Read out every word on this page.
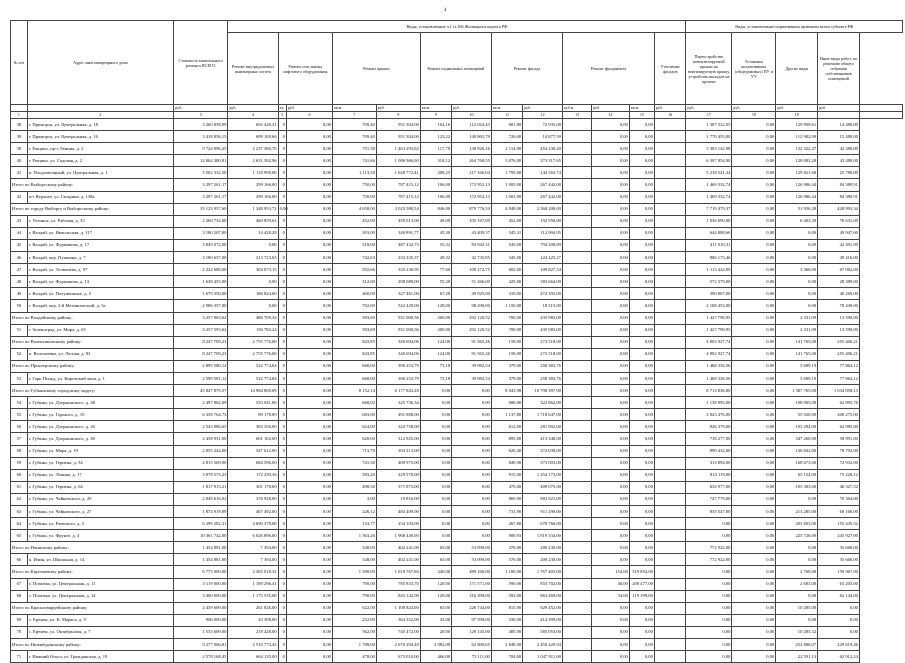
4
№ п/п	Адрес многоквартирного дома	Стоимость капитального ремонта ВСЕГО	Виды, установленные ч.1 ст.166 Жилищного кодекса РФ													Виды, установленные нормативным правовым актом субъекта РФ				
			Ремонт внутридомовых инженерных систем	Ремонт или замена лифтового оборудования		Ремонт крыши		Ремонт подвальных помещений		Ремонт фасада		Ремонт фундамента			Утепление фасадов	Переустройство невентилируемой крыши на вентилируемую крышу, устройство выходов на кровлю	Установка коллективных (общедомовых) ПУ и УУ	Другие виды	Иные виды работ, по решению общего собрания собственников помещений	
		руб.	руб.	ед.	руб.	кв.м.	руб.	кв.м.	руб.	кв.м.	руб.	куб.м.	руб.	кв.м.	руб.	руб.	руб.	руб.	руб.	
1	2	3	4	5	6	7	8	9	10	11	12	13	14	15	16	17	18	19		
38	г. Приморск, ул. Центральная, д. 18	3 260 858,99	692 428,31	0	0,00	709,40	951 304,00	104,16	112 024,43	681,80	72 935,00		0,00	0,00		1 387 522,05	0,00	129 999,61	14 480,00	
39	г. Приморск, ул. Центральная, д. 16	3 418 856,15	699 109,66	0	0,00	709,40	951 304,00	123,22	140 865,79	726,00	14 877,50		0,00	0,00		1 770 455,00	0,00	112 982,90	15 480,00	
39	г. Рощино, пр-т Ленина, д. 2	9 724 996,25	2 237 300,70	0	0,00	751,38	1 463 293,02	117,70	138 926,16	2 114,00	454 230,20		0,00	0,00		5 303 142,98	0,00	132 322,47	42 380,00	
40	г. Рощино, ул. Садовая, д. 2	12 062 380,81	2 651 392,96	0	0,00	741,66	1 086 966,00	318,12	264 768,55	3 076,00	373 317,65		0,00	0,00		6 307 854,90	0,00	128 083,28	43 480,00	
41	п. Плодоовощный, ул. Центральная, д. 1	5 502 332,50	1 118 990,00	0	0,00	1 113,50	1 628 772,41	208,25	217 166,04	1 795,00	144 563,74		0,00	0,00		5 218 541,34	0,00	129 821,68	25 780,00	
Итого по Выборгскому району:		3 297 261,17	299 166,00	0	0,00	750,00	787 415,12	106,00	172 952,13	1 003,90	267 442,00		0,00	0,00		1 469 332,74	0,00	126 986,44	84 389,91	
42	п/т Верхнее, ул. Гагарина, д. 138а	3 297 261,17	299 166,00	0	0,00	750,00	787 415,12	106,00	172 952,13	1 003,90	267 442,00		0,00	0,00		1 469 332,74	0,00	126 986,44	84 389,91	
Итого по городу Выборгу и Выборгскому району:		35 123 957,60	1 348 953,72	0,00	0,00	4 658,00	3 023 580,54	846,00	879 776,54	4 848,00	2 568 208,69		0,00	0,00		7 719 479,37	0,00	51 956,28	428 993,34	
43	г. Ухтинск, ул. Рабочая, д. 33	2 260 732,00	460 859,61	0	0,00	452,00	459 013,00	49,00	105 167,00	452,00	192 950,00		0,00	0,00		1 036 690,00	0,00	6 403,39	76 631,00	
44	г. Валдай, ул. Никольская, д. 117	3 180 207,00	14 428,28	0	0,00	303,00	340 891,77	45,30	43 409,37	345,31	112 904,95		0,00	0,00		644 888,66	0,00	0,00	49 947,60	
45	г. Валдай, ул. Фурманова, д. 17	3 849 072,00	0,00	0	0,00	518,00	487 432,73	55,32	83 942,31	545,00	794 208,69		0,00	0,00		411 010,31	0,00	0,00	42 491,00	
46	г. Валдай, пер. Пушкина, д. 7	3 180 657,00	213 723,65	0	0,00	742,63	233 235,37	49,32	42 735,85	345,00	124 425,27		0,00	0,00		806 173,46	0,00	0,00	49 416,00	
47	г. Валдай, ул. Толмачева, д. 97	2 222 688,00	304 073,15	0	0,00	592,66	335 230,95	77,60	109 272,75	602,00	109 827,54		0,00	0,00		1 113 424,99	0,00	3 366,00	67 062,00	
48	г. Валдай, ул. Фурманова, д. 13	1 638 455,00	0,00	0	0,00	312,00	298 089,00	55,20	51 266,00	425,00	383 664,00		0,00	0,00		572 379,00	0,00	0,00	28 389,00	
49	г. Валдай, ул. Полушкиных, д. 5	1 679 350,00	186 824,00	0	0,00	460,00	327 461,00	67,28	49 925,00	310,00	474 392,00		0,00	0,00		390 807,00	0,00	0,00	40 269,00	
50	г. Валдай, пер. 2-й Механический, д. 5а	2 986 357,00	0,00	0	0,00	702,00	522 429,00	128,00	98 290,00	1 150,00	18 515,00		0,00	0,00		2 108 453,00	0,00	0,00	78 449,00	
Итого по Валдайскому району:		3 257 863,62	486 709,34	0	0,00	583,69	931 000,56	200,00	292 120,52	700,00	435 983,00		0,00	0,00		1 427 798,95	0,00	2 331,09	13 590,00	
51	г. Зеленоград, ул. Мира, д. 65	3 257 593,62	156 783,24	0	0,00	583,69	931 000,56	200,00	292 120,52	700,00	435 983,00		0,00	0,00		1 427 798,95	0,00	2 331,09	13 590,00	
Итого по Валентиновскому району:		8 247 709,23	2 755 776,00	0	0,00	843,85	340 694,06	124,00	91 565,26	158,00	273 518,00		0,00	0,00		4 802 927,74	0,00	141 765,00	255 406,21	
52	п. Волочаевка, ул. Лесная, д. 83	8 247 709,23	2 755 776,00	0	0,00	843,85	340 694,06	124,00	91 565,26	158,00	273 518,00		0,00	0,00		4 802 927,74	0,00	141 765,00	255 406,21	
Итого по Приозерскому району:		2 899 580,12	522 774,84	0	0,00	668,00	396 253,79	75,18	39 982,54	379,00	258 383,76		0,00	0,00		1 468 336,56	0,00	5 689,19	77 864,12	
53	г. Гарь-Пильд, ул. Кировский хвоя, д. 1	2 599 581,12	522 774,84	0	0,00	668,00	396 253,79	75,18	39 982,54	379,00	258 383,76		0,00	0,00		1 468 336,56	0,00	5 689,19	77 864,12	
Итого по Губкинскому городскому округу:		45 847 879,57	14 984 800,09	0	0,00	8 152,14	6 177 843,28	0,00	0,00	8 043,98	10 798 397,90		0,00	0,00		8 713 836,00	0,00	1 387 765,00	1 034 858,13	
54	г. Губкин, ул. Дзержинского, д. 48	2 497 862,09	533 041,86	0	0,00	668,02	325 736,34	0,00	0,00	680,00	322 862,00		0,00	0,00		1 138 995,00	0,00	108 905,00	62 895,76	
55	г. Губкин, ул. Горького, д. 10	6 358 764,73	89 178,89	0	0,00	683,00	491 888,00	0,00	0,00	1 137,80	1 718 647,00		0,00	0,00		3 823 476,00	0,00	55 920,00	200 275,00	
56	г. Губкин, ул. Дзержинского, д. 26	2 543 086,65	383 356,00	0	0,00	624,00	324 758,00	0,00	0,00	612,00	281 902,00		0,00	0,00		826 379,00	0,00	103 294,00	62 985,00	
57	г. Губкин, ул. Дзержинского, д. 49	2 458 931,00	601 102,00	0	0,00	620,00	312 925,00	0,00	0,00	895,00	413 348,00		0,00	0,00		718 277,00	0,00	347 260,00	58 991,00	
58	г. Губкин, ул. Мира, д. 19	2 855 244,00	547 612,00	0	0,00	713,70	394 213,00	0,00	0,00	620,40	372 039,00		0,00	0,00		890 432,00	0,00	136 842,00	78 792,00	
59	г. Губкин, ул. Гериена, д. 34	2 815 569,00	684 596,00	0	0,00	741,30	409 973,00	0,00	0,00	849,90	373 003,00		0,00	0,00		313 894,00	0,00	168 673,00	72 932,00	
60	г. Губкин, ул. Ленина, д. 17	3 878 573,23	172 239,36	0	0,00	583,20	229 570,00	0,00	0,00	915,00	1 254 173,00		0,00	0,00		814 119,00	0,00	65 154,00	75 228,12	
61	г. Губкин, ул. Гериена, д. 64	1 817 913,21	301 178,60	0	0,00	498,30	371 873,00	0,00	0,00	470,00	409 075,00		0,00	0,00		633 977,00	0,00	105 383,00	46 327,52	
62	г. Губкин, ул. Чайковского, д. 29	2 849 616,02	376 928,00	0	0,00	3,00	19 816,00	0,00	0,00	869,90	883 821,00		0,00	0,00		747 779,00	0,00	0,00	70 364,00	
63	г. Губкин, ул. Чайковского, д. 27	1 874 919,09	467 492,00	0	0,00	226,12	484 409,00	0,00	0,00	731,90	911 290,00		0,00	0,00		835 547,00	0,00	213 285,00	60 168,00	
64	г. Губкин, ул. Раевского, д. 3	6 299 282,31	4 690 378,00	0	0,00	133,77	234 103,00	0,00	0,00	267,80	678 766,00		0,00	0,00		0,00	0,00	203 603,00	155 435,52	
65	г. Губкин, ул. Фрунзе, д. 4	10 361 742,00	6 026 896,00	0	0,00	1 363,26	1 968 449,00	0,00	0,00	900,93	1 819 334,00		0,00	0,00		0,00	0,00	225 726,00	245 927,00	
Итого по Ичинскому району:		1 454 881,00	7 394,00	0	0,00	348,00	402 241,00	65,00	53 090,00	376,00	200 230,00		0,00	0,00		772 922,00	0,00	0,00	35 668,00	
66	п. Ичин, ул. Школьная, д. 14	1 454 881,00	7 394,00	0	0,00	348,00	402 241,00	65,00	53 090,00	376,00	200 230,00		0,00	0,00		772 922,00	0,00	0,00	35 668,00	
Итого по Кирочаевому району:		6 775 000,00	2 365 018,32	0	0,00	1 580,00	1 618 767,60	240,00	489 160,00	1 180,00	1 767 403,00		154,00	319 854,00		0,00	0,00	2 760,00	159 967,00	
67	с. Поповка, ул. Центральная, д. 11	3 119 000,00	1 189 296,41	0	0,00	790,00	785 833,70	120,00	171 571,00	590,00	853 702,00		40,00	200 477,00		0,00	0,00	2 683,00	63 203,00	
68	с. Поповка, ул. Центральная, д. 14	3 400 000,00	1 175 535,00	0	0,00	790,00	843 142,00	120,00	316 399,00	592,00	863 469,00		34,00	119 199,00		0,00	0,00	0,00	62 144,00	
Итого по Красногвардейскому району:		2 439 609,00	261 826,00	0	0,00	622,00	1 108 824,00	65,00	226 744,00	815,00	929 452,00		0,00	0,00		0,00	0,00	10 285,00	0,00	
69	с. Еремен, ул. К. Маркса, д. 9	906 000,00	43 398,00	0	0,00	252,00	364 352,00	43,00	97 599,00	330,00	414 399,00		0,00	0,00		0,00	0,00	0,00	0,00	
70	с. Еремен, ул. Октябрьская, д. 7	1 533 609,00	218 428,00	0	0,00	362,00	745 472,00	20,00	129 145,00	485,00	585 053,00		0,00	0,00		0,00	0,00	10 285,32	0,00	
Итого по Нижнеудинскому району:		9 277 066,81	2 510 773,43	0	0,00	1 788,00	2 670 294,48	2 082,00	62 800,65	2 848,00	2 450 420,94		0,00	0,00		0,00	0,00	252 888,07	229 619,46	
71	г. Нижний Оскол, ул. Гражданская, д. 19	2 578 168,45	664 135,00	0	0,00	478,00	673 010,00	466,00	75 111,00	704,00	1 047 911,00		0,00	0,00		0,00	0,00	22 591,13	62 912,24	
